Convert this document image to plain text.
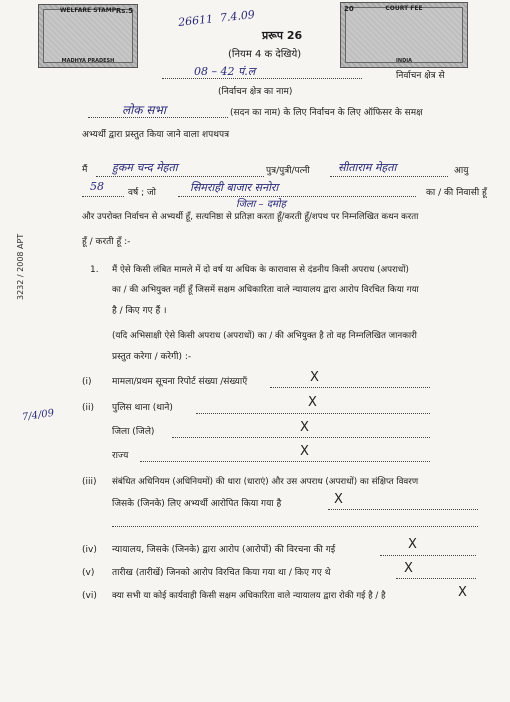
WELFARE STAMP Rs.5
MADHYA PRADESH
COURT FEE
20
INDIA
26611 7.4.09
प्ररूप 26
(नियम 4 क देखिये)
08 – 42 पं.ल	निर्वाचन क्षेत्र से
(निर्वाचन क्षेत्र का नाम)
लोक सभा	(सदन का नाम) के लिए निर्वाचन के लिए ऑफिसर के समक्ष
अभ्यर्थी द्वारा प्रस्तुत किया जाने वाला शपथपत्र
मैं हुकम चन्द मेहता	पुत्र/पुत्री/पत्नी	सीताराम मेहता	आयु
58	वर्ष ; जो	सिमराही बाजार सनोरा
जिला – दमोह
का / की निवासी हूँ
और उपरोक्त निर्वाचन से अभ्यर्थी हूँ, सत्यनिष्ठा से प्रतिज्ञा करता हूँ/करती हूँ/शपथ पर निम्नलिखित कथन करता
हूँ / करती हूँ :-
1. मैं ऐसे किसी लंबित मामले में दो वर्ष या अधिक के कारावास से दंडनीय किसी अपराध (अपराधों)
का / की अभियुक्त नहीं हूँ जिसमें सक्षम अधिकारिता वाले न्यायालय द्वारा आरोप विरचित किया गया
है / किए गए हैं ।
(यदि अभिसाक्षी ऐसे किसी अपराध (अपराधों) का / की अभियुक्त है तो वह निम्नलिखित जानकारी
प्रस्तुत करेगा / करेगी) :-
(i) मामला/प्रथम सूचना रिपोर्ट संख्या /संख्याएँ	X
(ii) पुलिस थाना (थाने)	X
जिला (जिले)	X
राज्य	X
(iii) संबंधित अधिनियम (अधिनियमों) की धारा (धाराएं) और उस अपराध (अपराधों) का संक्षिप्त विवरण
जिसके (जिनके) लिए अभ्यर्थी आरोपित किया गया है	X
(iv) न्यायालय, जिसके (जिनके) द्वारा आरोप (आरोपों) की विरचना की गई	X
(v) तारीख (तारीखें) जिनको आरोप विरचित किया गया था / किए गए थे	X
(vi) क्या सभी या कोई कार्यवाही किसी सक्षम अधिकारिता वाले न्यायालय द्वारा रोकी गई है / है	X
3232 / 2008 APT
7/4/09
